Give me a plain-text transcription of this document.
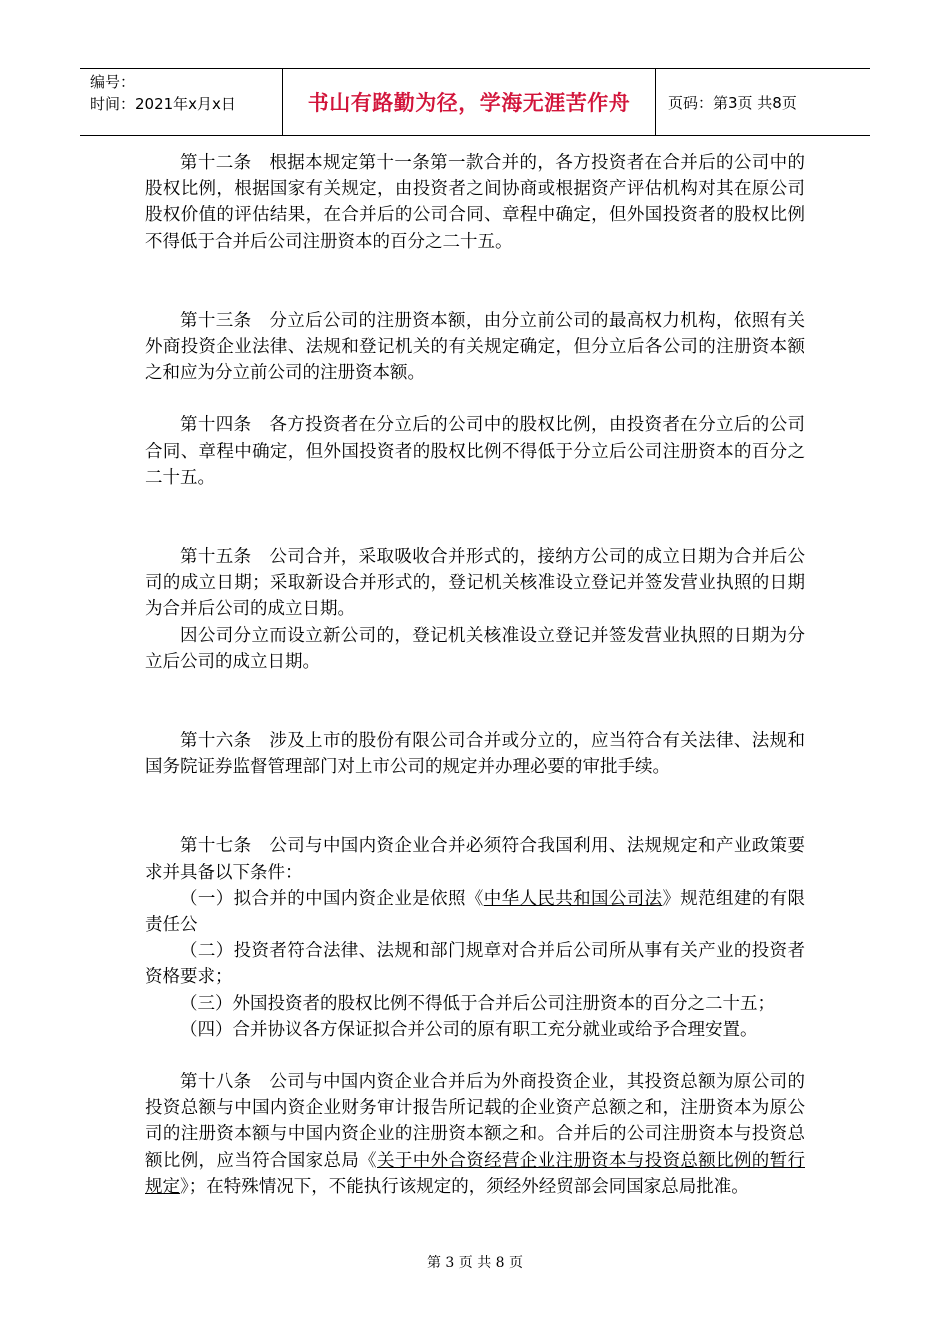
编号：
时间：2021年x月x日	书山有路勤为径，学海无涯苦作舟	页码：第3页 共8页

第十二条　根据本规定第十一条第一款合并的，各方投资者在合并后的公司中的股权比例，根据国家有关规定，由投资者之间协商或根据资产评估机构对其在原公司股权价值的评估结果，在合并后的公司合同、章程中确定，但外国投资者的股权比例不得低于合并后公司注册资本的百分之二十五。

第十三条　分立后公司的注册资本额，由分立前公司的最高权力机构，依照有关外商投资企业法律、法规和登记机关的有关规定确定，但分立后各公司的注册资本额之和应为分立前公司的注册资本额。

第十四条　各方投资者在分立后的公司中的股权比例，由投资者在分立后的公司合同、章程中确定，但外国投资者的股权比例不得低于分立后公司注册资本的百分之二十五。

第十五条　公司合并，采取吸收合并形式的，接纳方公司的成立日期为合并后公司的成立日期；采取新设合并形式的，登记机关核准设立登记并签发营业执照的日期为合并后公司的成立日期。

因公司分立而设立新公司的，登记机关核准设立登记并签发营业执照的日期为分立后公司的成立日期。

第十六条　涉及上市的股份有限公司合并或分立的，应当符合有关法律、法规和国务院证券监督管理部门对上市公司的规定并办理必要的审批手续。

第十七条　公司与中国内资企业合并必须符合我国利用、法规规定和产业政策要求并具备以下条件：

（一）拟合并的中国内资企业是依照《中华人民共和国公司法》规范组建的有限责任公

（二）投资者符合法律、法规和部门规章对合并后公司所从事有关产业的投资者资格要求；

（三）外国投资者的股权比例不得低于合并后公司注册资本的百分之二十五；

（四）合并协议各方保证拟合并公司的原有职工充分就业或给予合理安置。

第十八条　公司与中国内资企业合并后为外商投资企业，其投资总额为原公司的投资总额与中国内资企业财务审计报告所记载的企业资产总额之和，注册资本为原公司的注册资本额与中国内资企业的注册资本额之和。合并后的公司注册资本与投资总额比例，应当符合国家总局《关于中外合资经营企业注册资本与投资总额比例的暂行规定》；在特殊情况下，不能执行该规定的，须经外经贸部会同国家总局批准。

第 3 页 共 8 页
